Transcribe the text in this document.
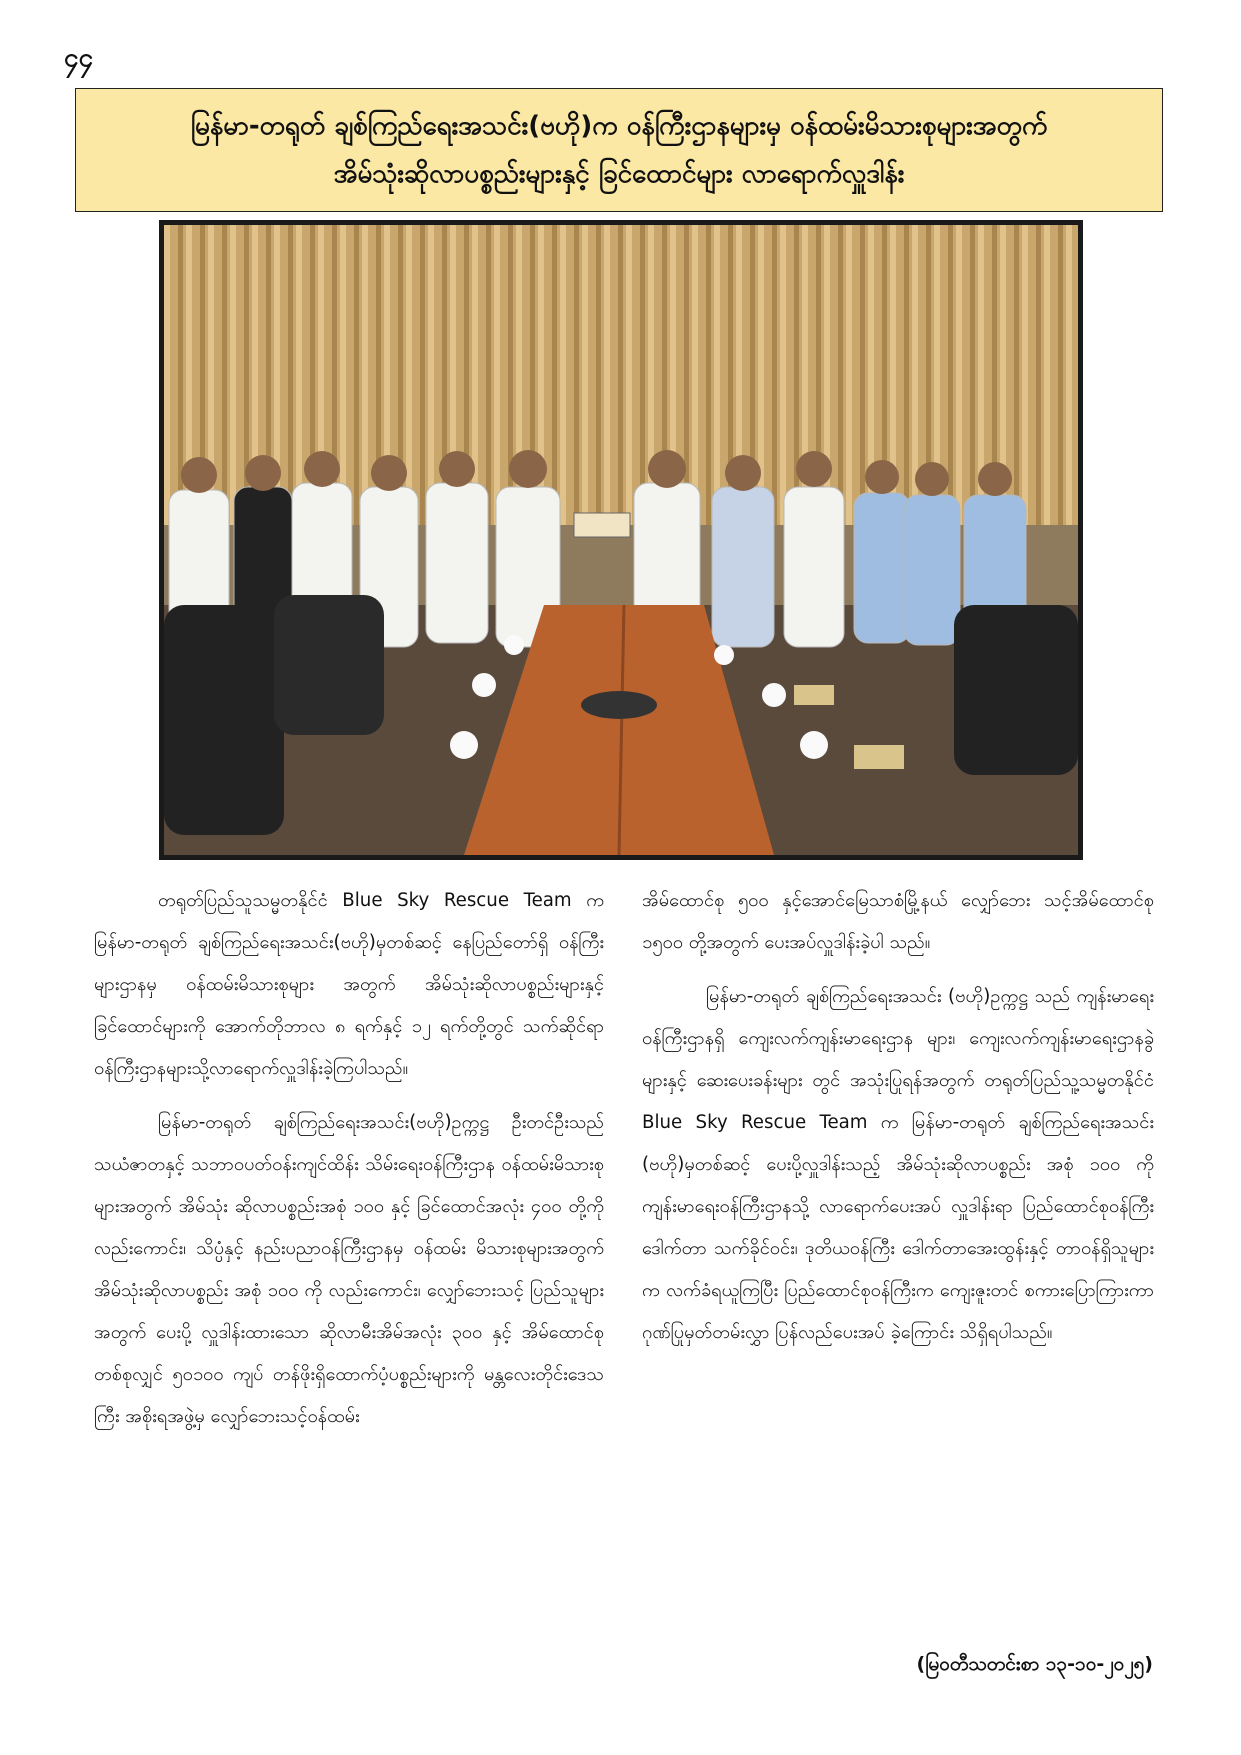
၄၄
မြန်မာ-တရုတ် ချစ်ကြည်ရေးအသင်း(ဗဟို)က ဝန်ကြီးဌာနများမှ ဝန်ထမ်းမိသားစုများအတွက်
အိမ်သုံးဆိုလာပစ္စည်းများနှင့် ခြင်ထောင်များ လာရောက်လှူဒါန်း

တရုတ်ပြည်သူသမ္မတနိုင်ငံ Blue Sky Rescue Team က မြန်မာ-တရုတ် ချစ်ကြည်ရေးအသင်း(ဗဟို)မှတစ်ဆင့် နေပြည်တော်ရှိ ဝန်ကြီးများဌာနမှ ဝန်ထမ်းမိသားစုများ အတွက် အိမ်သုံးဆိုလာပစ္စည်းများနှင့် ခြင်ထောင်များကို အောက်တိုဘာလ ၈ ရက်နှင့် ၁၂ ရက်တို့တွင် သက်ဆိုင်ရာ ဝန်ကြီးဌာနများသို့လာရောက်လှူဒါန်းခဲ့ကြပါသည်။

မြန်မာ-တရုတ် ချစ်ကြည်ရေးအသင်း(ဗဟို)ဥက္ကဋ္ဌ ဦးတင်ဦးသည် သယံဇာတနှင့် သဘာဝပတ်ဝန်းကျင်ထိန်း သိမ်းရေးဝန်ကြီးဌာန ဝန်ထမ်းမိသားစုများအတွက် အိမ်သုံး ဆိုလာပစ္စည်းအစုံ ၁၀၀ နှင့် ခြင်ထောင်အလုံး ၄၀၀ တို့ကို လည်းကောင်း၊ သိပ္ပံနှင့် နည်းပညာဝန်ကြီးဌာနမှ ဝန်ထမ်း မိသားစုများအတွက် အိမ်သုံးဆိုလာပစ္စည်း အစုံ ၁၀၀ ကို လည်းကောင်း၊ လျှော်ဘေးသင့် ပြည်သူများအတွက် ပေးပို့ လှူဒါန်းထားသော ဆိုလာမီးအိမ်အလုံး ၃၀၀ နှင့် အိမ်ထောင်စု တစ်စုလျှင် ၅၀၁၀၀ ကျပ် တန်ဖိုးရှိထောက်ပံ့ပစ္စည်းများကို မန္တလေးတိုင်းဒေသကြီး အစိုးရအဖွဲ့မှ လျှော်ဘေးသင့်ဝန်ထမ်း

အိမ်ထောင်စု ၅၀၀ နှင့်အောင်မြေသာစံမြို့နယ် လျှော်ဘေး သင့်အိမ်ထောင်စု ၁၅၀၀ တို့အတွက် ပေးအပ်လှူဒါန်းခဲ့ပါ သည်။

မြန်မာ-တရုတ် ချစ်ကြည်ရေးအသင်း (ဗဟို)ဥက္ကဋ္ဌ သည် ကျန်းမာရေးဝန်ကြီးဌာနရှိ ကျေးလက်ကျန်းမာရေးဌာန များ၊ ကျေးလက်ကျန်းမာရေးဌာနခွဲများနှင့် ဆေးပေးခန်းများ တွင် အသုံးပြုရန်အတွက် တရုတ်ပြည်သူ့သမ္မတနိုင်ငံ Blue Sky Rescue Team က မြန်မာ-တရုတ် ချစ်ကြည်ရေးအသင်း (ဗဟို)မှတစ်ဆင့် ပေးပို့လှူဒါန်းသည့် အိမ်သုံးဆိုလာပစ္စည်း အစုံ ၁၀၀ ကို ကျန်းမာရေးဝန်ကြီးဌာနသို့ လာရောက်ပေးအပ် လှူဒါန်းရာ ပြည်ထောင်စုဝန်ကြီး ဒေါက်တာ သက်ခိုင်ဝင်း၊ ဒုတိယဝန်ကြီး ဒေါက်တာအေးထွန်းနှင့် တာဝန်ရှိသူများက လက်ခံရယူကြပြီး ပြည်ထောင်စုဝန်ကြီးက ကျေးဇူးတင် စကားပြောကြားကာ ဂုဏ်ပြုမှတ်တမ်းလွှာ ပြန်လည်ပေးအပ် ခဲ့ကြောင်း သိရှိရပါသည်။

(မြဝတီသတင်းစာ ၁၃-၁၀-၂၀၂၅)
